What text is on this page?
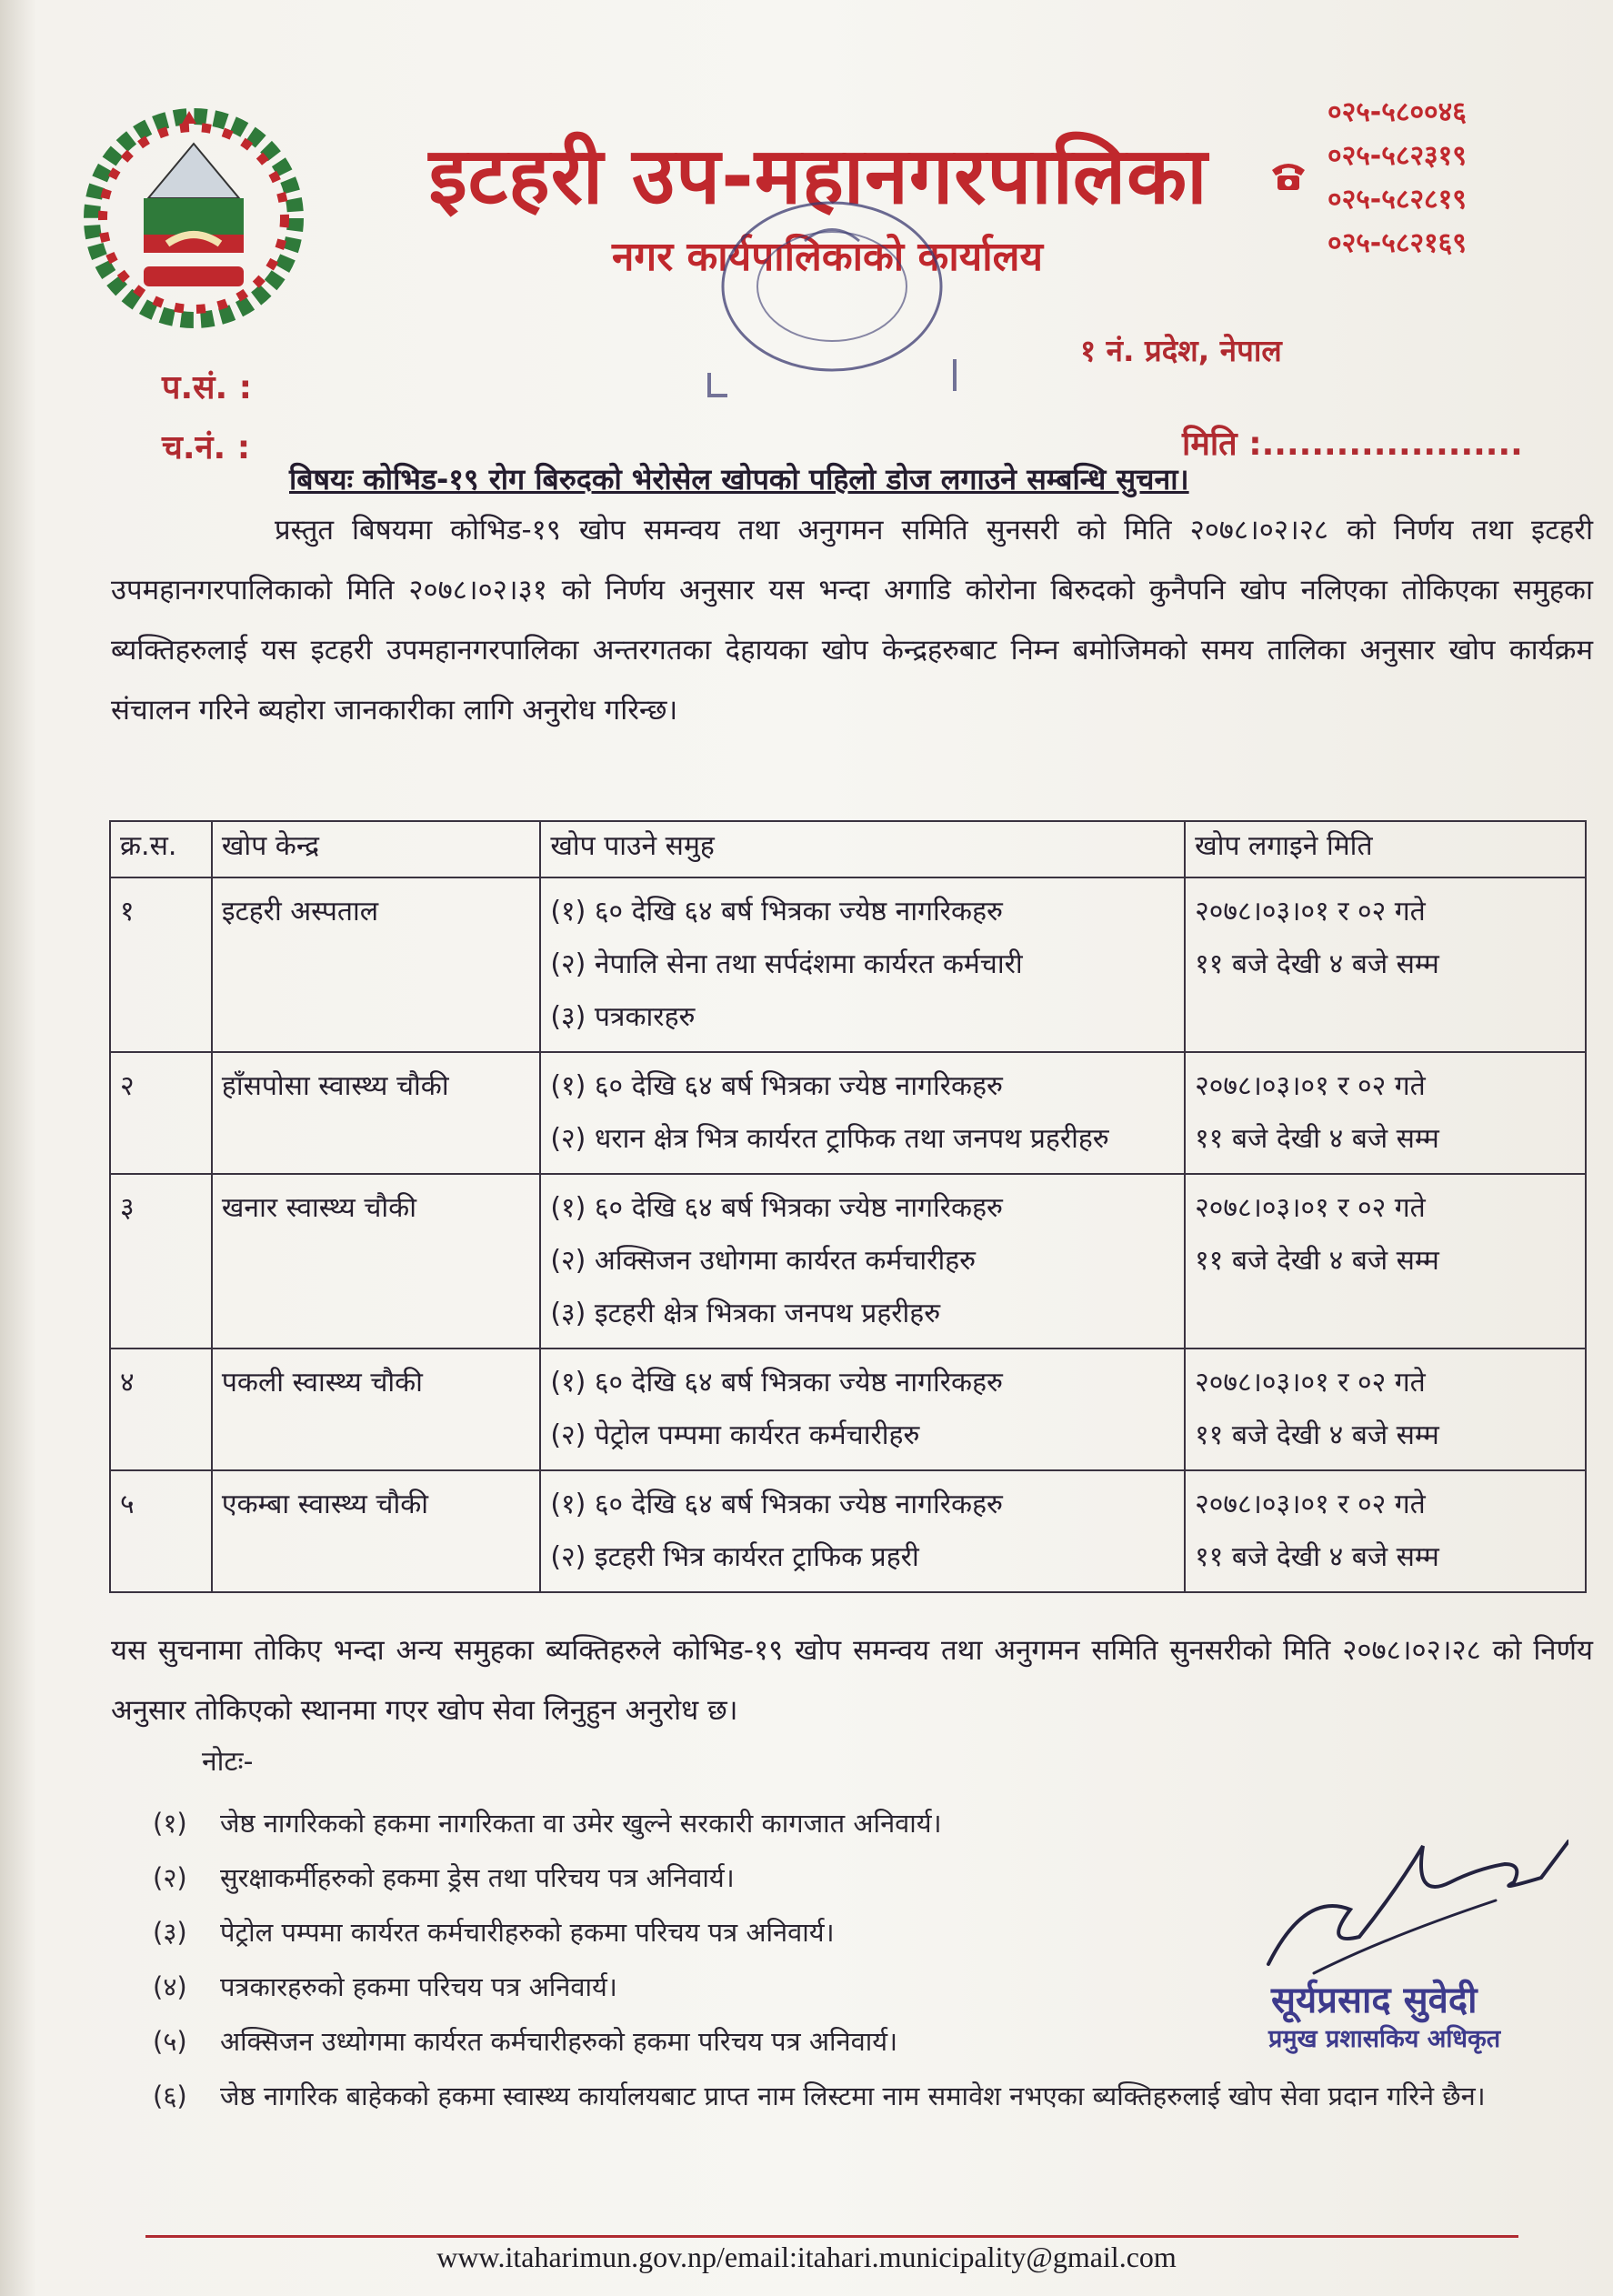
इटहरी उप-महानगरपालिका
नगर कार्यपालिकाको कार्यालय
०२५-५८००४६
०२५-५८२३१९
०२५-५८२८१९
०२५-५८२१६९
१ नं. प्रदेश, नेपाल
प.सं. :
च.नं. :	मिति :.....................
बिषयः कोभिड-१९ रोग बिरुदको भेरोसेल खोपको पहिलो डोज लगाउने सम्बन्धि सुचना।
प्रस्तुत बिषयमा कोभिड-१९ खोप समन्वय तथा अनुगमन समिति सुनसरी को मिति २०७८।०२।२८ को निर्णय तथा इटहरी उपमहानगरपालिकाको मिति २०७८।०२।३१ को निर्णय अनुसार यस भन्दा अगाडि कोरोना बिरुदको कुनैपनि खोप नलिएका तोकिएका समुहका ब्यक्तिहरुलाई यस इटहरी उपमहानगरपालिका अन्तरगतका देहायका खोप केन्द्रहरुबाट निम्न बमोजिमको समय तालिका अनुसार खोप कार्यक्रम संचालन गरिने ब्यहोरा जानकारीका लागि अनुरोध गरिन्छ।
क्र.स.	खोप केन्द्र	खोप पाउने समुह	खोप लगाइने मिति
१	इटहरी अस्पताल	(१) ६० देखि ६४ बर्ष भित्रका ज्येष्ठ नागरिकहरु
(२) नेपालि सेना तथा सर्पदंशमा कार्यरत कर्मचारी
(३) पत्रकारहरु	२०७८।०३।०१ र ०२ गते
११ बजे देखी ४ बजे सम्म

२	हाँसपोसा स्वास्थ्य चौकी	(१) ६० देखि ६४ बर्ष भित्रका ज्येष्ठ नागरिकहरु
(२) धरान क्षेत्र भित्र कार्यरत ट्राफिक तथा जनपथ प्रहरीहरु	२०७८।०३।०१ र ०२ गते
११ बजे देखी ४ बजे सम्म

३	खनार स्वास्थ्य चौकी	(१) ६० देखि ६४ बर्ष भित्रका ज्येष्ठ नागरिकहरु
(२) अक्सिजन उधोगमा कार्यरत कर्मचारीहरु
(३) इटहरी क्षेत्र भित्रका जनपथ प्रहरीहरु	२०७८।०३।०१ र ०२ गते
११ बजे देखी ४ बजे सम्म

४	पकली स्वास्थ्य चौकी	(१) ६० देखि ६४ बर्ष भित्रका ज्येष्ठ नागरिकहरु
(२) पेट्रोल पम्पमा कार्यरत कर्मचारीहरु	२०७८।०३।०१ र ०२ गते
११ बजे देखी ४ बजे सम्म

५	एकम्बा स्वास्थ्य चौकी	(१) ६० देखि ६४ बर्ष भित्रका ज्येष्ठ नागरिकहरु
(२) इटहरी भित्र कार्यरत ट्राफिक प्रहरी	२०७८।०३।०१ र ०२ गते
११ बजे देखी ४ बजे सम्म
यस सुचनामा तोकिए भन्दा अन्य समुहका ब्यक्तिहरुले कोभिड-१९ खोप समन्वय तथा अनुगमन समिति सुनसरीको मिति २०७८।०२।२८ को निर्णय अनुसार तोकिएको स्थानमा गएर खोप सेवा लिनुहुन अनुरोध छ।
नोटः-
(१)	जेष्ठ नागरिकको हकमा नागरिकता वा उमेर खुल्ने सरकारी कागजात अनिवार्य।
(२)	सुरक्षाकर्मीहरुको हकमा ड्रेस तथा परिचय पत्र अनिवार्य।
(३)	पेट्रोल पम्पमा कार्यरत कर्मचारीहरुको हकमा परिचय पत्र अनिवार्य।
(४)	पत्रकारहरुको हकमा परिचय पत्र अनिवार्य।
(५)	अक्सिजन उध्योगमा कार्यरत कर्मचारीहरुको हकमा परिचय पत्र अनिवार्य।
(६)	जेष्ठ नागरिक बाहेकको हकमा स्वास्थ्य कार्यालयबाट प्राप्त नाम लिस्टमा नाम समावेश नभएका ब्यक्तिहरुलाई खोप सेवा प्रदान गरिने छैन।
सूर्यप्रसाद सुवेदी
प्रमुख प्रशासकिय अधिकृत
www.itaharimun.gov.np/email:itahari.municipality@gmail.com
